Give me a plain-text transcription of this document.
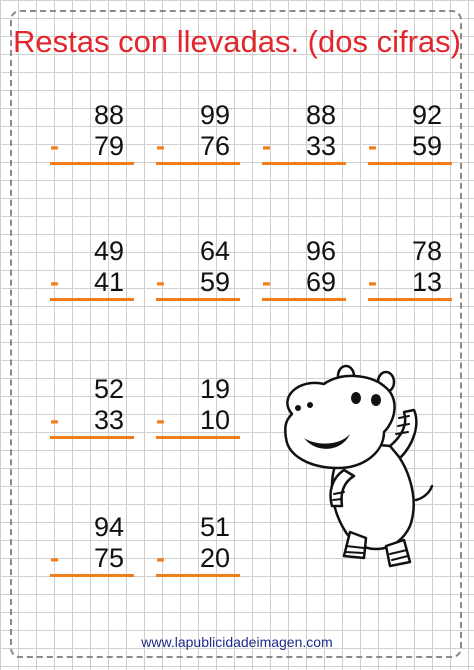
Restas con llevadas. (dos cifras)
88
- 79
99
- 76
88
- 33
92
- 59
49
- 41
64
- 59
96
- 69
78
- 13
52
- 33
19
- 10
94
- 75
51
- 20
www.lapublicidadeimagen.com
